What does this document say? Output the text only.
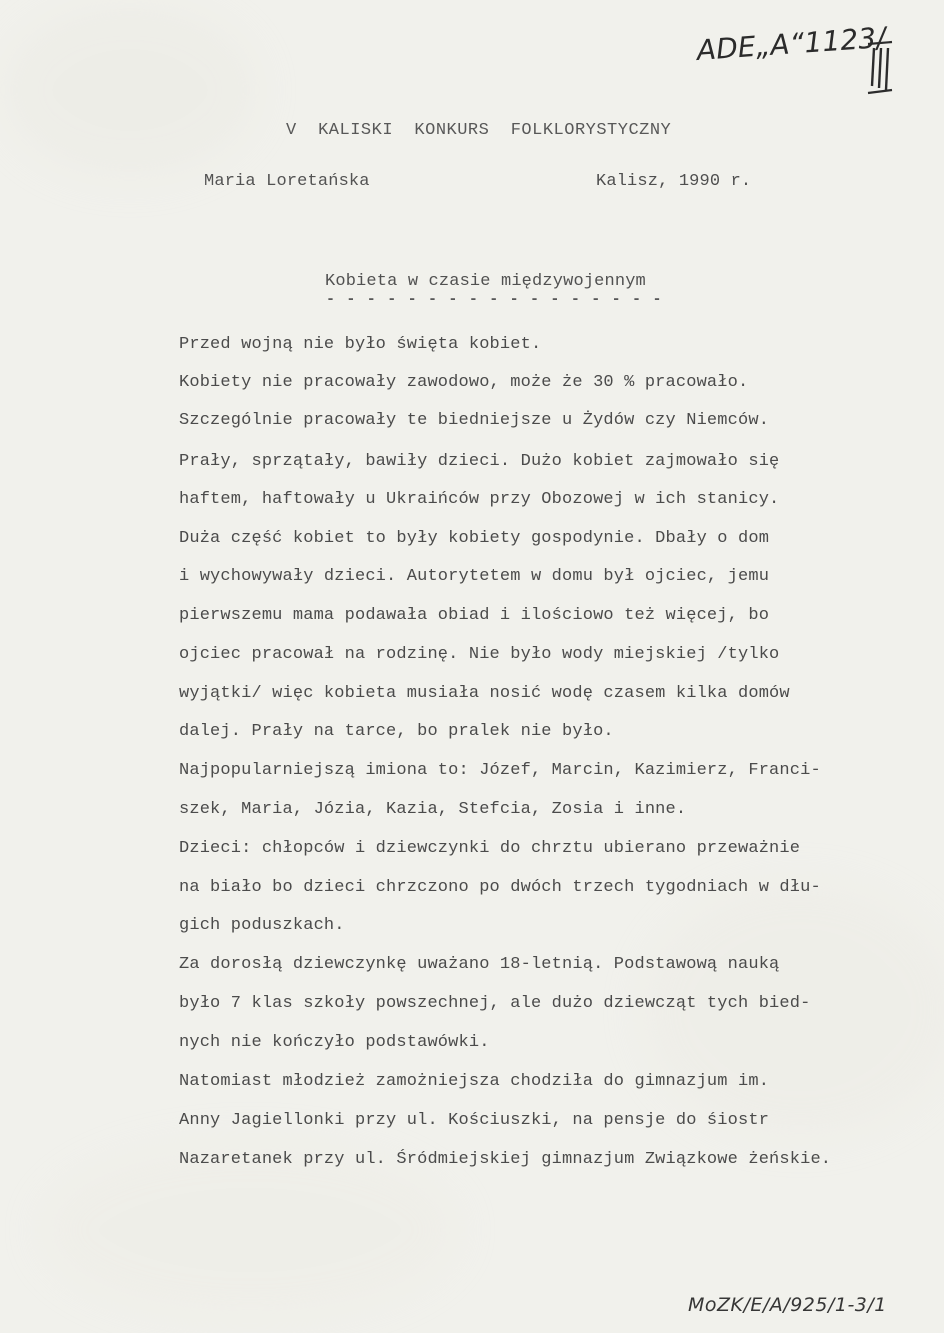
ADE„A“1123/
V  KALISKI  KONKURS  FOLKLORYSTYCZNY
Maria Loretańska	Kalisz, 1990 r.
Kobieta w czasie międzywojennym
- - - - - - - - - - - - - - - - -
Przed wojną nie było święta kobiet.
Kobiety nie pracowały zawodowo, może że 30 % pracowało.
Szczególnie pracowały te biedniejsze u Żydów czy Niemców.
Prały, sprzątały, bawiły dzieci. Dużo kobiet zajmowało się
haftem, haftowały u Ukraińców przy Obozowej w ich stanicy.
Duża część kobiet to były kobiety gospodynie. Dbały o dom
i wychowywały dzieci. Autorytetem w domu był ojciec, jemu
pierwszemu mama podawała obiad i ilościowo też więcej, bo
ojciec pracował na rodzinę. Nie było wody miejskiej /tylko
wyjątki/ więc kobieta musiała nosić wodę czasem kilka domów
dalej. Prały na tarce, bo pralek nie było.
Najpopularniejszą imiona to: Józef, Marcin, Kazimierz, Franci-
szek, Maria, Józia, Kazia, Stefcia, Zosia i inne.
Dzieci: chłopców i dziewczynki do chrztu ubierano przeważnie
na biało bo dzieci chrzczono po dwóch trzech tygodniach w dłu-
gich poduszkach.
Za dorosłą dziewczynkę uważano 18-letnią. Podstawową nauką
było 7 klas szkoły powszechnej, ale dużo dziewcząt tych bied-
nych nie kończyło podstawówki.
Natomiast młodzież zamożniejsza chodziła do gimnazjum im.
Anny Jagiellonki przy ul. Kościuszki, na pensje do śiostr
Nazaretanek przy ul. Śródmiejskiej gimnazjum Związkowe żeńskie.
MoZK/E/A/925/1-3/1
